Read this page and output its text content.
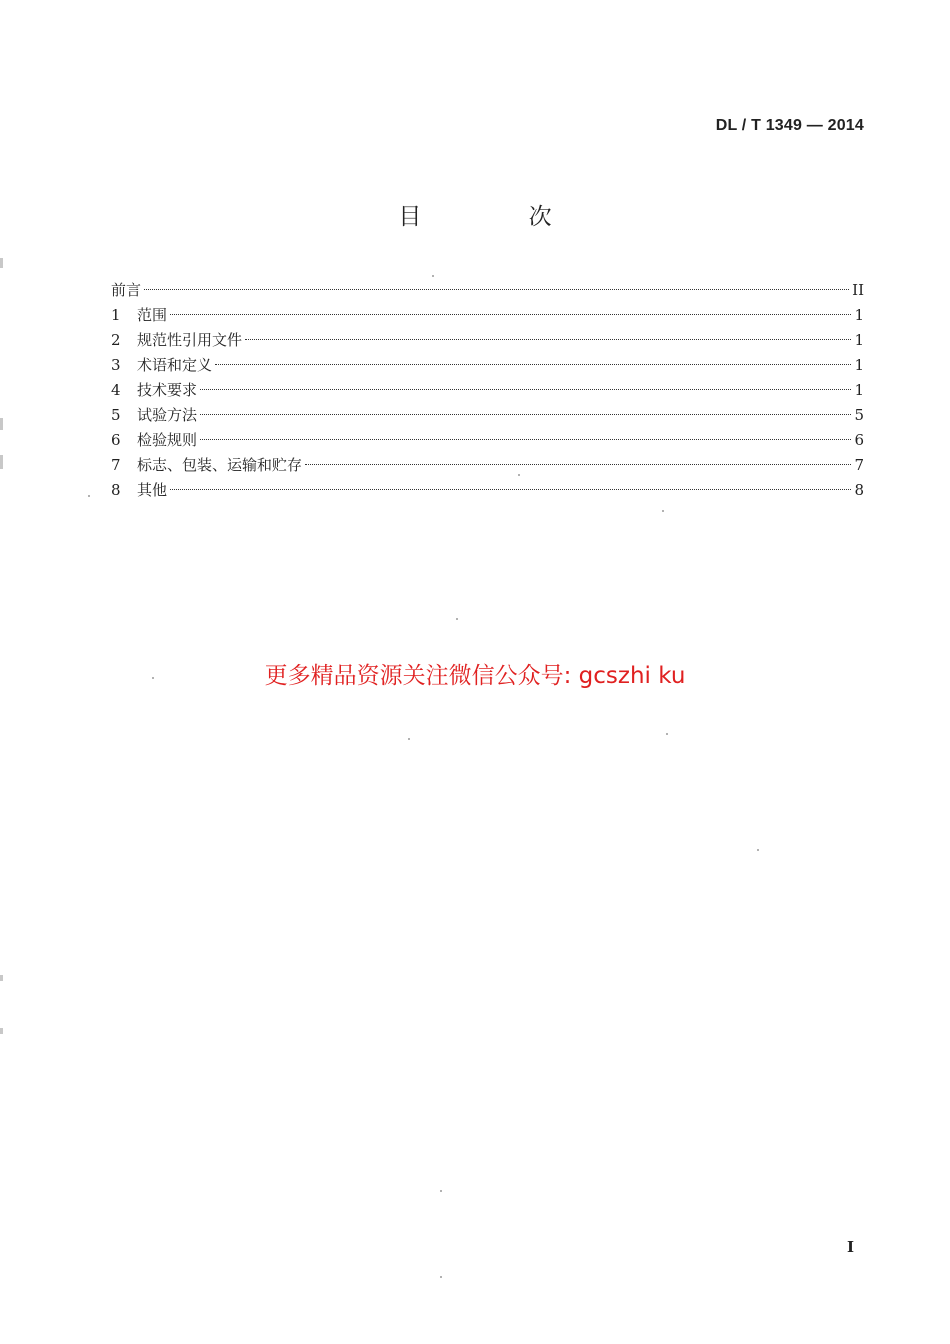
DL / T 1349 — 2014
目 次
前言	II
1	范围	1
2	规范性引用文件	1
3	术语和定义	1
4	技术要求	1
5	试验方法	5
6	检验规则	6
7	标志、包装、运输和贮存	7
8	其他	8
更多精品资源关注微信公众号: gcszhi ku
I
